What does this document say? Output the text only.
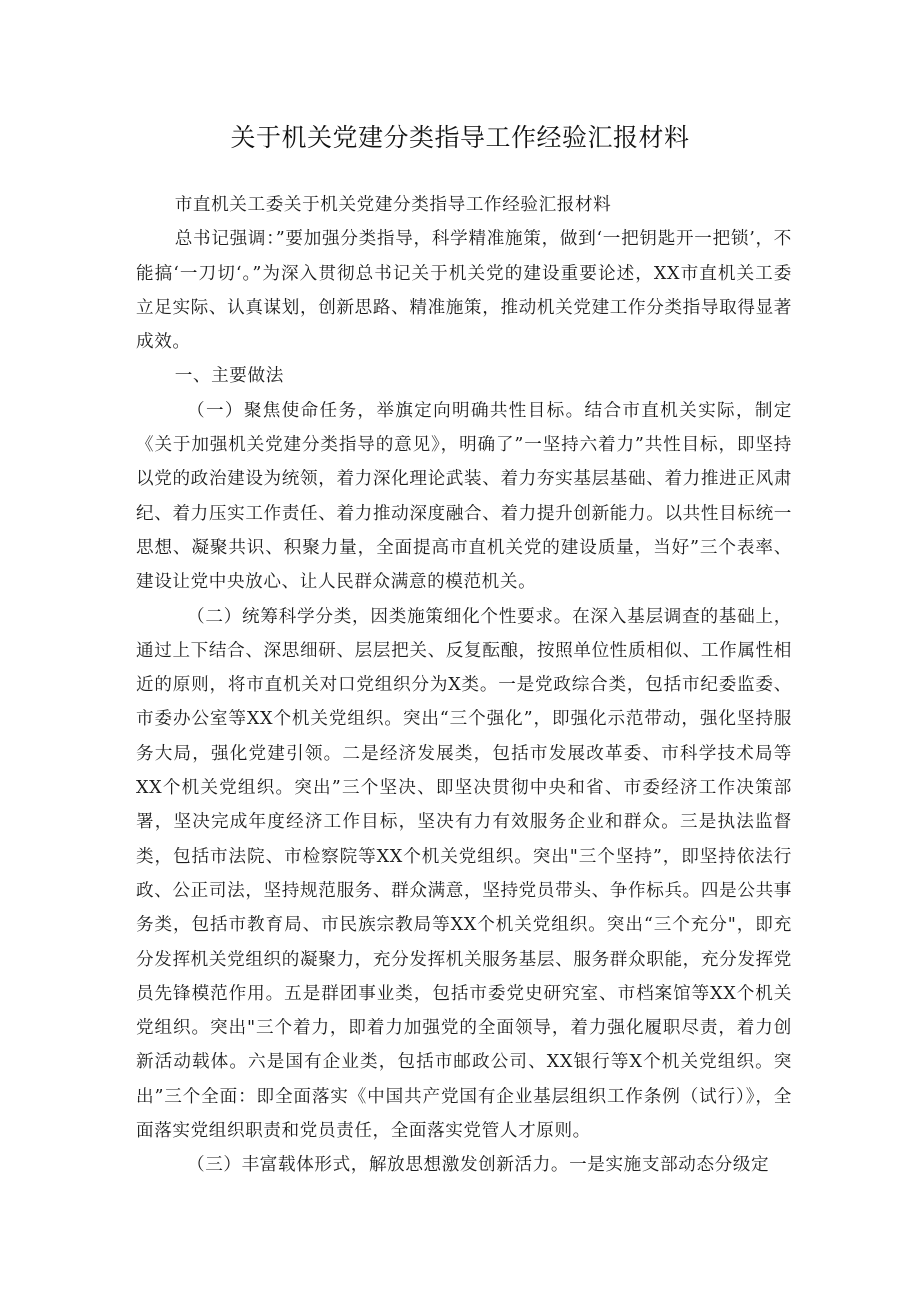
关于机关党建分类指导工作经验汇报材料

市直机关工委关于机关党建分类指导工作经验汇报材料

总书记强调：”要加强分类指导，科学精准施策，做到‘一把钥匙开一把锁’，不能搞‘一刀切‘。”为深入贯彻总书记关于机关党的建设重要论述，XX市直机关工委立足实际、认真谋划，创新思路、精准施策，推动机关党建工作分类指导取得显著成效。

一、主要做法

（一）聚焦使命任务，举旗定向明确共性目标。结合市直机关实际，制定《关于加强机关党建分类指导的意见》，明确了”一坚持六着力”共性目标，即坚持以党的政治建设为统领，着力深化理论武装、着力夯实基层基础、着力推进正风肃纪、着力压实工作责任、着力推动深度融合、着力提升创新能力。以共性目标统一思想、凝聚共识、积聚力量，全面提高市直机关党的建设质量，当好”三个表率、建设让党中央放心、让人民群众满意的模范机关。

（二）统筹科学分类，因类施策细化个性要求。在深入基层调查的基础上，通过上下结合、深思细研、层层把关、反复酝酿，按照单位性质相似、工作属性相近的原则，将市直机关对口党组织分为X类。一是党政综合类，包括市纪委监委、市委办公室等XX个机关党组织。突出“三个强化”，即强化示范带动，强化坚持服务大局，强化党建引领。二是经济发展类，包括市发展改革委、市科学技术局等XX个机关党组织。突出”三个坚决、即坚决贯彻中央和省、市委经济工作决策部署，坚决完成年度经济工作目标，坚决有力有效服务企业和群众。三是执法监督类，包括市法院、市检察院等XX个机关党组织。突出"三个坚持”，即坚持依法行政、公正司法，坚持规范服务、群众满意，坚持党员带头、争作标兵。四是公共事务类，包括市教育局、市民族宗教局等XX个机关党组织。突出“三个充分"，即充分发挥机关党组织的凝聚力，充分发挥机关服务基层、服务群众职能，充分发挥党员先锋模范作用。五是群团事业类，包括市委党史研究室、市档案馆等XX个机关党组织。突出"三个着力，即着力加强党的全面领导，着力强化履职尽责，着力创新活动载体。六是国有企业类，包括市邮政公司、XX银行等X个机关党组织。突出”三个全面：即全面落实《中国共产党国有企业基层组织工作条例（试行）》，全面落实党组织职责和党员责任，全面落实党管人才原则。

（三）丰富载体形式，解放思想激发创新活力。一是实施支部动态分级定
